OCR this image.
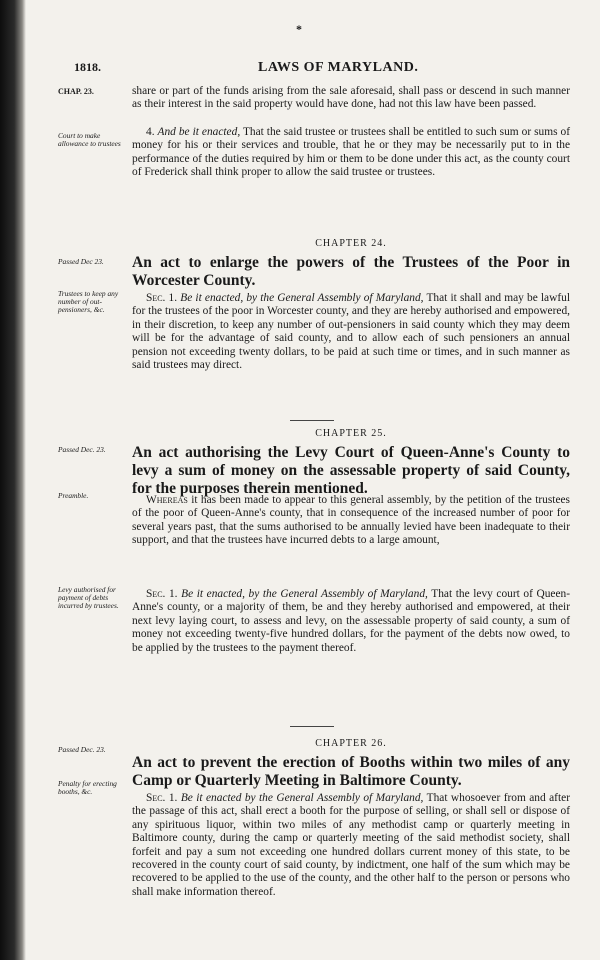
*
1818.	LAWS OF MARYLAND.
CHAP. 23.
Court to make allowance to trustees
Passed Dec 23.
Trustees to keep any number of out-pensioners, &c.
Passed Dec. 23.
Preamble.
Levy authorised for payment of debts incurred by trustees.
Passed Dec. 23.
Penalty for erecting booths, &c.
share or part of the funds arising from the sale aforesaid, shall pass or descend in such manner as their interest in the said property would have done, had not this law have been passed.
4. And be it enacted, That the said trustee or trustees shall be entitled to such sum or sums of money for his or their services and trouble, that he or they may be necessarily put to in the performance of the duties required by him or them to be done under this act, as the county court of Frederick shall think proper to allow the said trustee or trustees.
CHAPTER 24.
An act to enlarge the powers of the Trustees of the Poor in Worcester County.
Sec. 1. Be it enacted, by the General Assembly of Maryland, That it shall and may be lawful for the trustees of the poor in Worcester county, and they are hereby authorised and empowered, in their discretion, to keep any number of out-pensioners in said county which they may deem will be for the advantage of said county, and to allow each of such pensioners an annual pension not exceeding twenty dollars, to be paid at such time or times, and in such manner as said trustees may direct.
CHAPTER 25.
An act authorising the Levy Court of Queen-Anne's County to levy a sum of money on the assessable property of said County, for the purposes therein mentioned.
Whereas it has been made to appear to this general assembly, by the petition of the trustees of the poor of Queen-Anne's county, that in consequence of the increased number of poor for several years past, that the sums authorised to be annually levied have been inadequate to their support, and that the trustees have incurred debts to a large amount,
Sec. 1. Be it enacted, by the General Assembly of Maryland, That the levy court of Queen-Anne's county, or a majority of them, be and they hereby authorised and empowered, at their next levy laying court, to assess and levy, on the assessable property of said county, a sum of money not exceeding twenty-five hundred dollars, for the payment of the debts now owed, to be applied by the trustees to the payment thereof.
CHAPTER 26.
An act to prevent the erection of Booths within two miles of any Camp or Quarterly Meeting in Baltimore County.
Sec. 1. Be it enacted by the General Assembly of Maryland, That whosoever from and after the passage of this act, shall erect a booth for the purpose of selling, or shall sell or dispose of any spirituous liquor, within two miles of any methodist camp or quarterly meeting in Baltimore county, during the camp or quarterly meeting of the said methodist society, shall forfeit and pay a sum not exceeding one hundred dollars current money of this state, to be recovered in the county court of said county, by indictment, one half of the sum which may be recovered to be applied to the use of the county, and the other half to the person or persons who shall make information thereof.
